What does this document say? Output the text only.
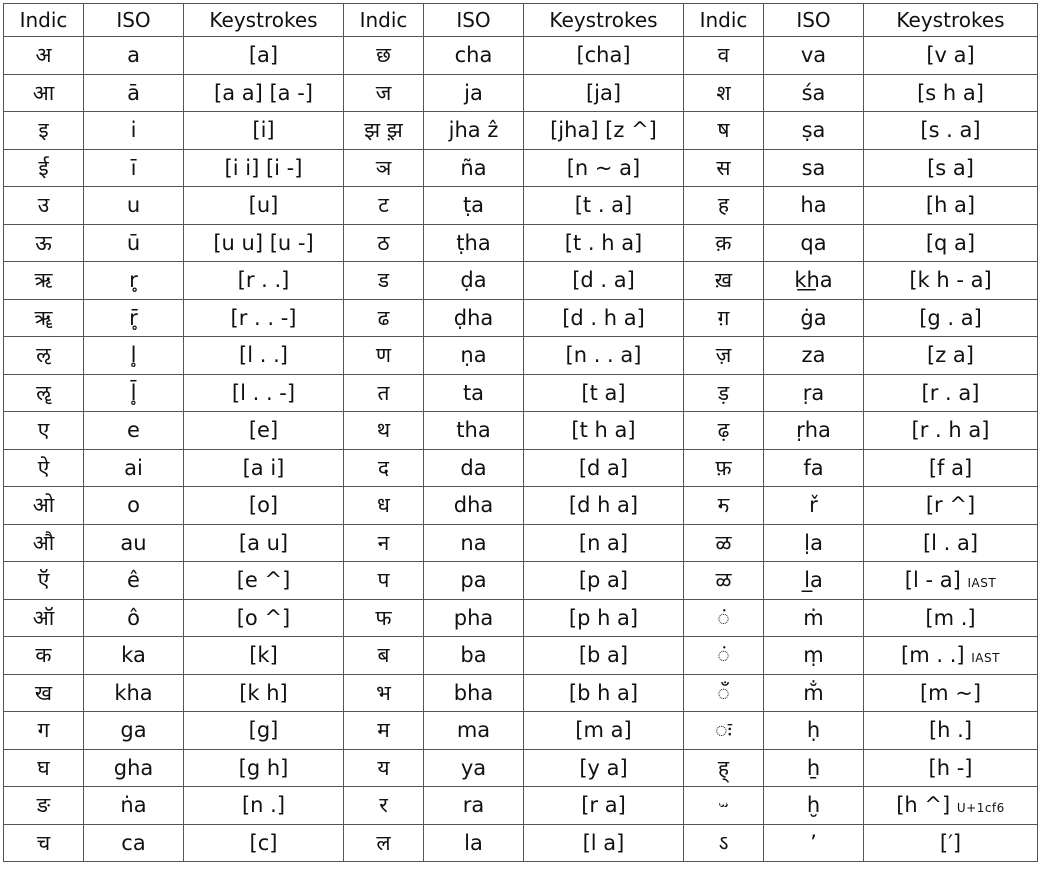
Indic	ISO	Keystrokes	Indic	ISO	Keystrokes	Indic	ISO	Keystrokes
अ	a	[a]	छ	cha	[cha]	व	va	[v a]
आ	ā	[a a] [a -]	ज	ja	[ja]	श	śa	[s h a]
इ	i	[i]	झ झ़	jha ẑ	[jha] [z ^]	ष	ṣa	[s . a]
ई	ī	[i i] [i -]	ञ	ña	[n ~ a]	स	sa	[s a]
उ	u	[u]	ट	ṭa	[t . a]	ह	ha	[h a]
ऊ	ū	[u u] [u -]	ठ	ṭha	[t . h a]	क़	qa	[q a]
ऋ	r̥	[r . .]	ड	ḍa	[d . a]	ख़	k͟ha	[k h - a]
ॠ	r̥̄	[r . . -]	ढ	ḍha	[d . h a]	ग़	ġa	[g . a]
ऌ	l̥	[l . .]	ण	ṇa	[n . . a]	ज़	za	[z a]
ॡ	l̥̄	[l . . -]	त	ta	[t a]	ड़	ṛa	[r . a]
ए	e	[e]	थ	tha	[t h a]	ढ़	ṛha	[r . h a]
ऐ	ai	[a i]	द	da	[d a]	फ़	fa	[f a]
ओ	o	[o]	ध	dha	[d h a]	ॸ	ř	[r ^]
औ	au	[a u]	न	na	[n a]	ळ	ḷa	[l . a]
ऍ	ê	[e ^]	प	pa	[p a]	ळ	l̲a	[l - a] IAST
ऑ	ô	[o ^]	फ	pha	[p h a]	◌ं	ṁ	[m .]
क	ka	[k]	ब	ba	[b a]	◌ं	ṃ	[m . .] IAST
ख	kha	[k h]	भ	bha	[b h a]	◌ँ	m̐	[m ~]
ग	ga	[g]	म	ma	[m a]	◌ः	ḥ	[h .]
घ	gha	[g h]	य	ya	[y a]	ह्	ẖ	[h -]
ङ	ṅa	[n .]	र	ra	[r a]	ᳶ	ḫ	[h ^] U+1cf6
च	ca	[c]	ल	la	[l a]	ऽ	’	[′]
